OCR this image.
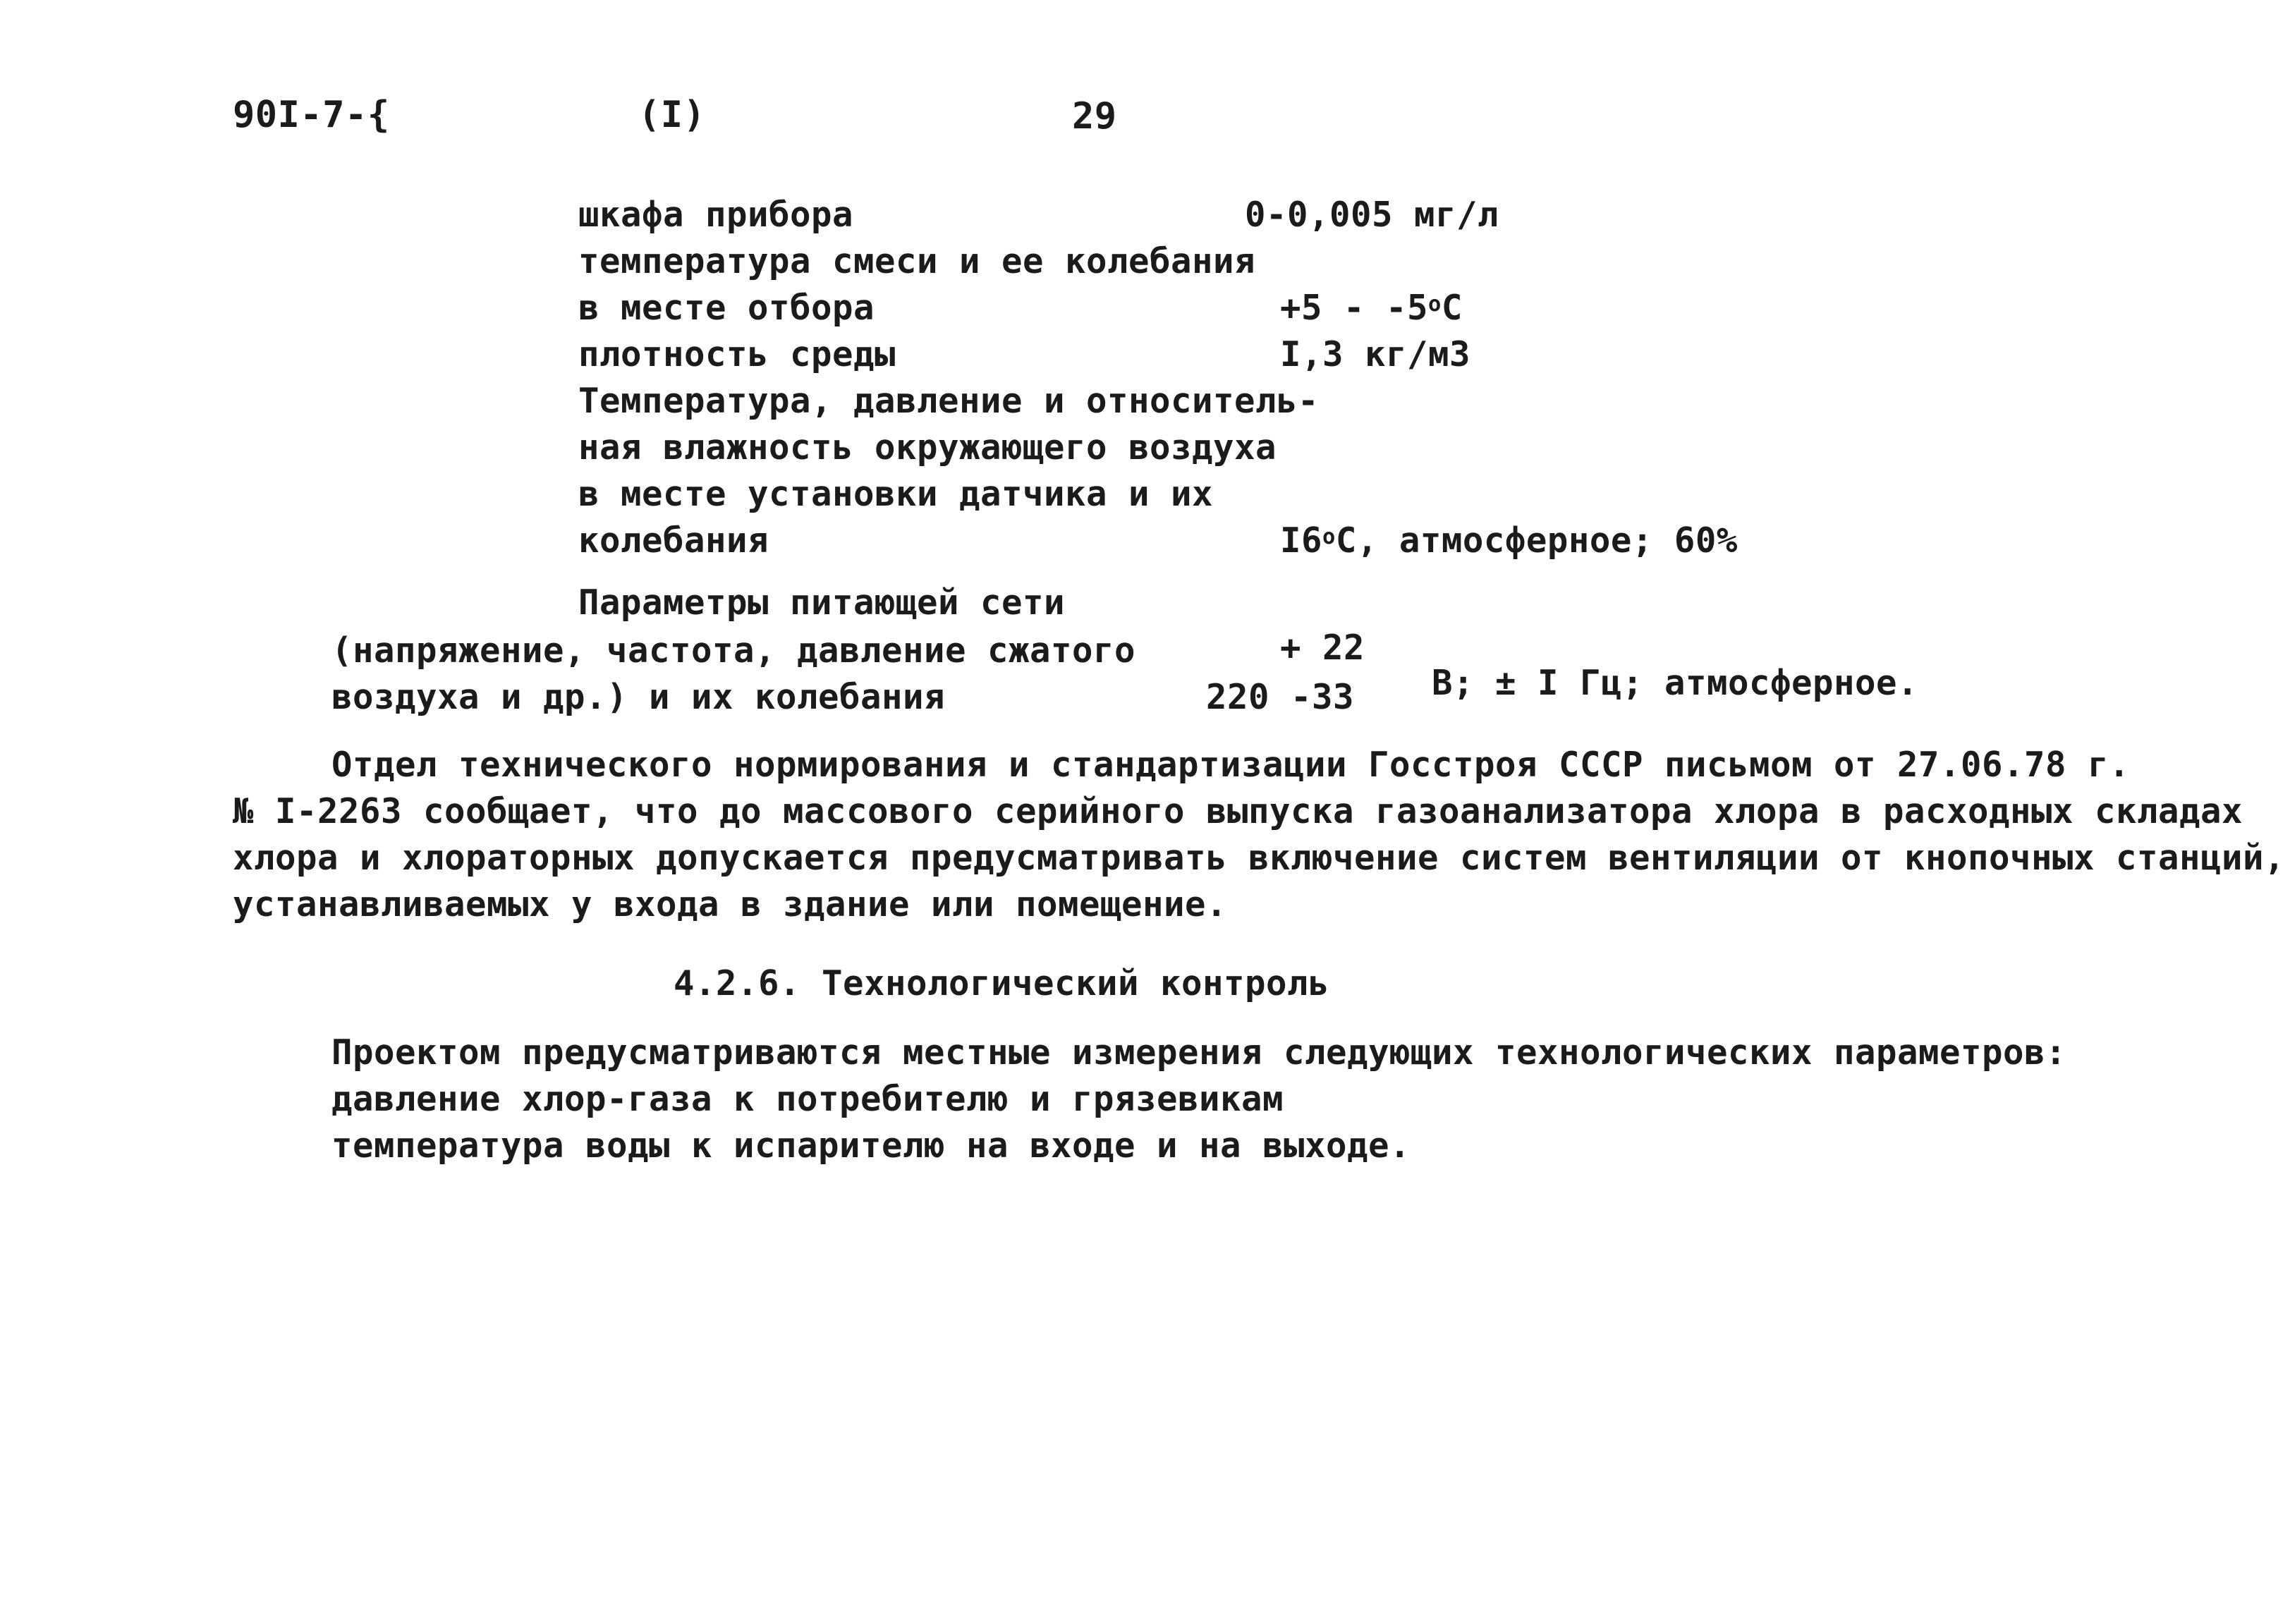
90I-7-{	(I)	29
шкафа прибора	0-0,005 мг/л
температура смеси и ее колебания
в месте отбора	$+5 - -5^оС$
плотность среды	I,3 кг/м3
Температура, давление и относитель-
ная влажность окружающего воздуха
в месте установки датчика и их
колебания	$I6^оС$, атмосферное; 60%
Параметры питающей сети
(напряжение, частота, давление сжатого	+ 22
воздуха и др.) и их колебания	220 -33 В; ± I Гц; атмосферное.
Отдел технического нормирования и стандартизации Госстроя СССР письмом от 27.06.78 г.
№ I-2263 сообщает, что до массового серийного выпуска газоанализатора хлора в расходных складах
хлора и хлораторных допускается предусматривать включение систем вентиляции от кнопочных станций,
устанавливаемых у входа в здание или помещение.
4.2.6. Технологический контроль
Проектом предусматриваются местные измерения следующих технологических параметров:
давление хлор-газа к потребителю и грязевикам
температура воды к испарителю на входе и на выходе.
